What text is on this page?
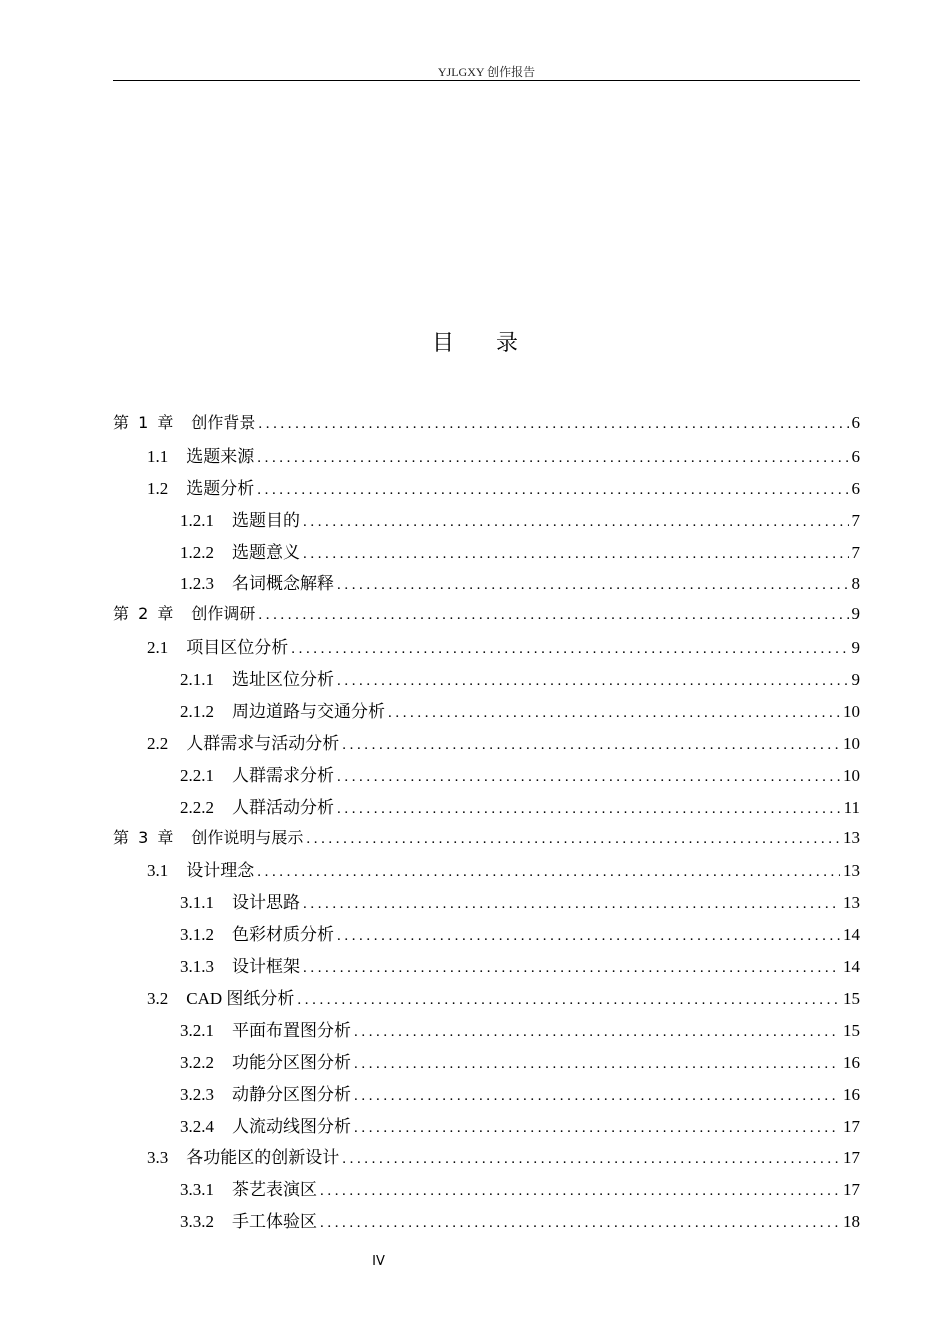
YJLGXY 创作报告
目录
第 1 章 创作背景 .....	6
1.1 选题来源 .....	6
1.2 选题分析 .....	6
1.2.1 选题目的 .....	7
1.2.2 选题意义 .....	7
1.2.3 名词概念解释 .....	8
第 2 章 创作调研 .....	9
2.1 项目区位分析 .....	9
2.1.1 选址区位分析 .....	9
2.1.2 周边道路与交通分析 .....	10
2.2 人群需求与活动分析 .....	10
2.2.1 人群需求分析 .....	10
2.2.2 人群活动分析 .....	11
第 3 章 创作说明与展示 .....	13
3.1 设计理念 .....	13
3.1.1 设计思路 .....	13
3.1.2 色彩材质分析 .....	14
3.1.3 设计框架 .....	14
3.2 CAD 图纸分析 .....	15
3.2.1 平面布置图分析 .....	15
3.2.2 功能分区图分析 .....	16
3.2.3 动静分区图分析 .....	16
3.2.4 人流动线图分析 .....	17
3.3 各功能区的创新设计 .....	17
3.3.1 茶艺表演区 .....	17
3.3.2 手工体验区 .....	18
IV
